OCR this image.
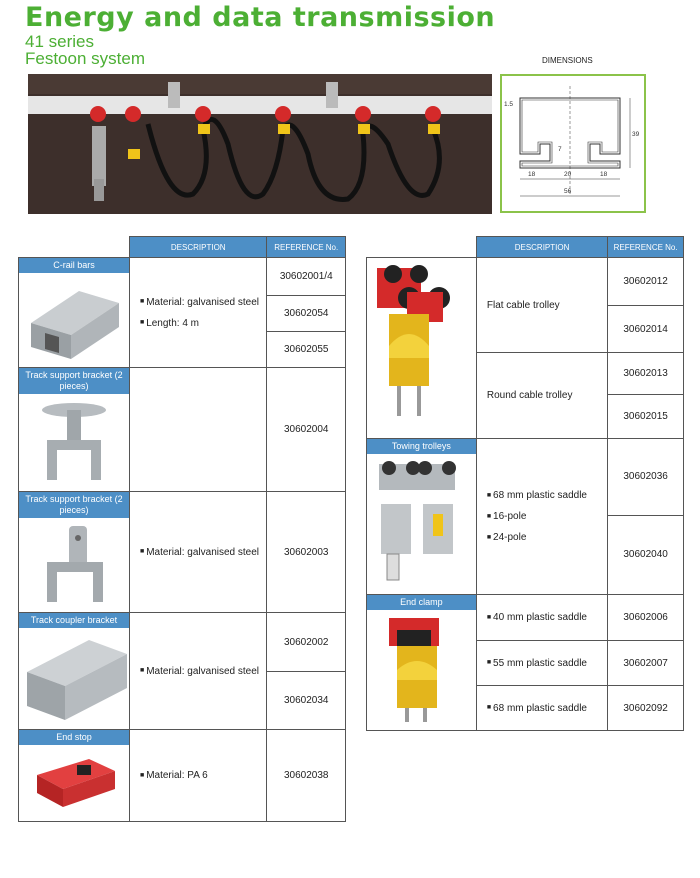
Energy and data transmission
41 series
Festoon system	DIMENSIONS
1.5
39
7
18	20	18
56
	DESCRIPTION	REFERENCE No.

C-rail bars	■ Material: galvanised steel
■ Length: 4 m	30602001/4
		30602054
		30602055

Track support bracket (2 pieces)		30602004

Track support bracket (2 pieces)	■ Material: galvanised steel	30602003

Track coupler bracket	■ Material: galvanised steel	30602002
		30602034

End stop	■ Material: PA 6	30602038
	DESCRIPTION	REFERENCE No.

	Flat cable trolley	30602012
		30602014
	Round cable trolley	30602013
		30602015

Towing trolleys	■ 68 mm plastic saddle
■ 16-pole
■ 24-pole	30602036
		30602040

End clamp	■ 40 mm plastic saddle	30602006

	■ 55 mm plastic saddle	30602007

	■ 68 mm plastic saddle	30602092
